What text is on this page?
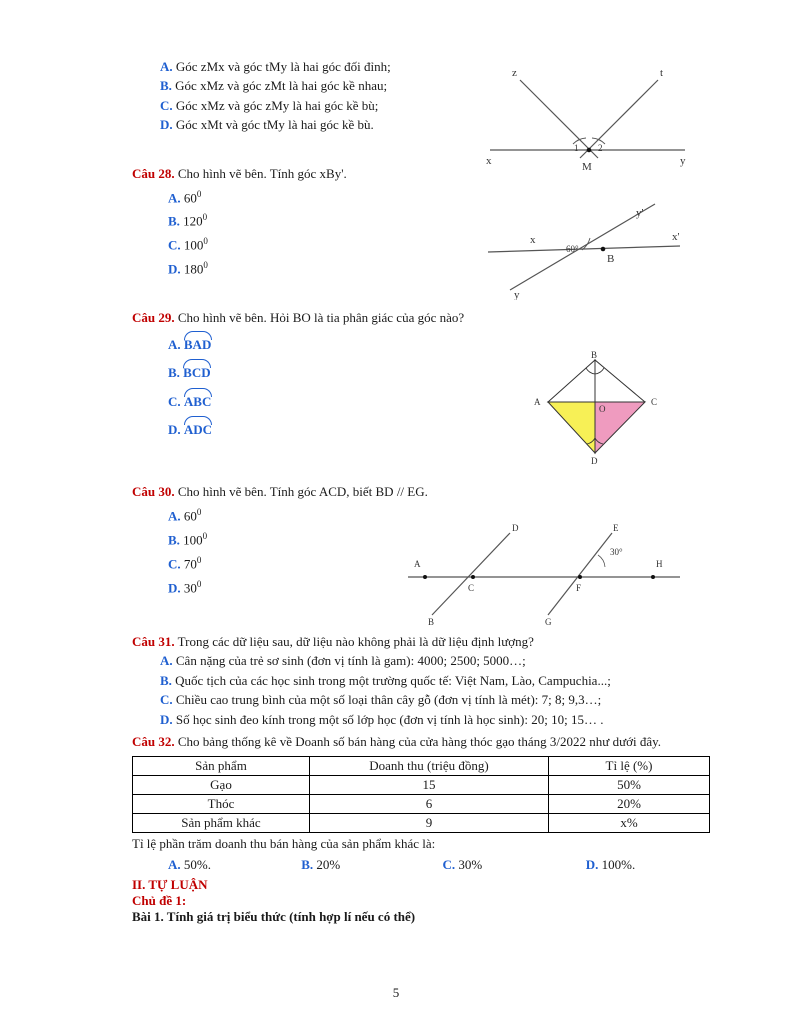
A. Góc zMx và góc tMy là hai góc đối đỉnh;
B. Góc xMz và góc zMt là hai góc kề nhau;
C. Góc xMz và góc zMy là hai góc kề bù;
D. Góc xMt và góc tMy là hai góc kề bù.
Câu 28. Cho hình vẽ bên. Tính góc xBy'.
A. $60^0$
B. $120^0$
C. $100^0$
D. $180^0$
Câu 29. Cho hình vẽ bên. Hỏi BO là tia phân giác của góc nào?
A. BAD
B. BCD
C. ABC
D. ADC
Câu 30. Cho hình vẽ bên. Tính góc ACD, biết BD // EG.
A. $60^0$
B. $100^0$
C. $70^0$
D. $30^0$
Câu 31. Trong các dữ liệu sau, dữ liệu nào không phải là dữ liệu định lượng?
A. Cân nặng của trẻ sơ sinh (đơn vị tính là gam): 4000; 2500; 5000…;
B. Quốc tịch của các học sinh trong một trường quốc tế: Việt Nam, Lào, Campuchia...;
C. Chiều cao trung bình của một số loại thân cây gỗ (đơn vị tính là mét): 7; 8; 9,3…;
D. Số học sinh đeo kính trong một số lớp học (đơn vị tính là học sinh): 20; 10; 15… .
Câu 32. Cho bảng thống kê về Doanh số bán hàng của cửa hàng thóc gạo tháng 3/2022 như dưới đây.
Sản phẩm	Doanh thu (triệu đồng)	Tỉ lệ (%)
Gạo	15	50%
Thóc	6	20%
Sản phẩm khác	9	x%
Tỉ lệ phần trăm doanh thu bán hàng của sản phẩm khác là:
A. 50%.	B. 20%	C. 30%	D. 100%.
II. TỰ LUẬN
Chủ đề 1:
Bài 1. Tính giá trị biểu thức (tính hợp lí nếu có thể)
z	t
x	y
M
1 2
y'
x	x'
B
60°
y
B
A
O
C
D
D	E
A	H
C	F
B	G
30°
5
